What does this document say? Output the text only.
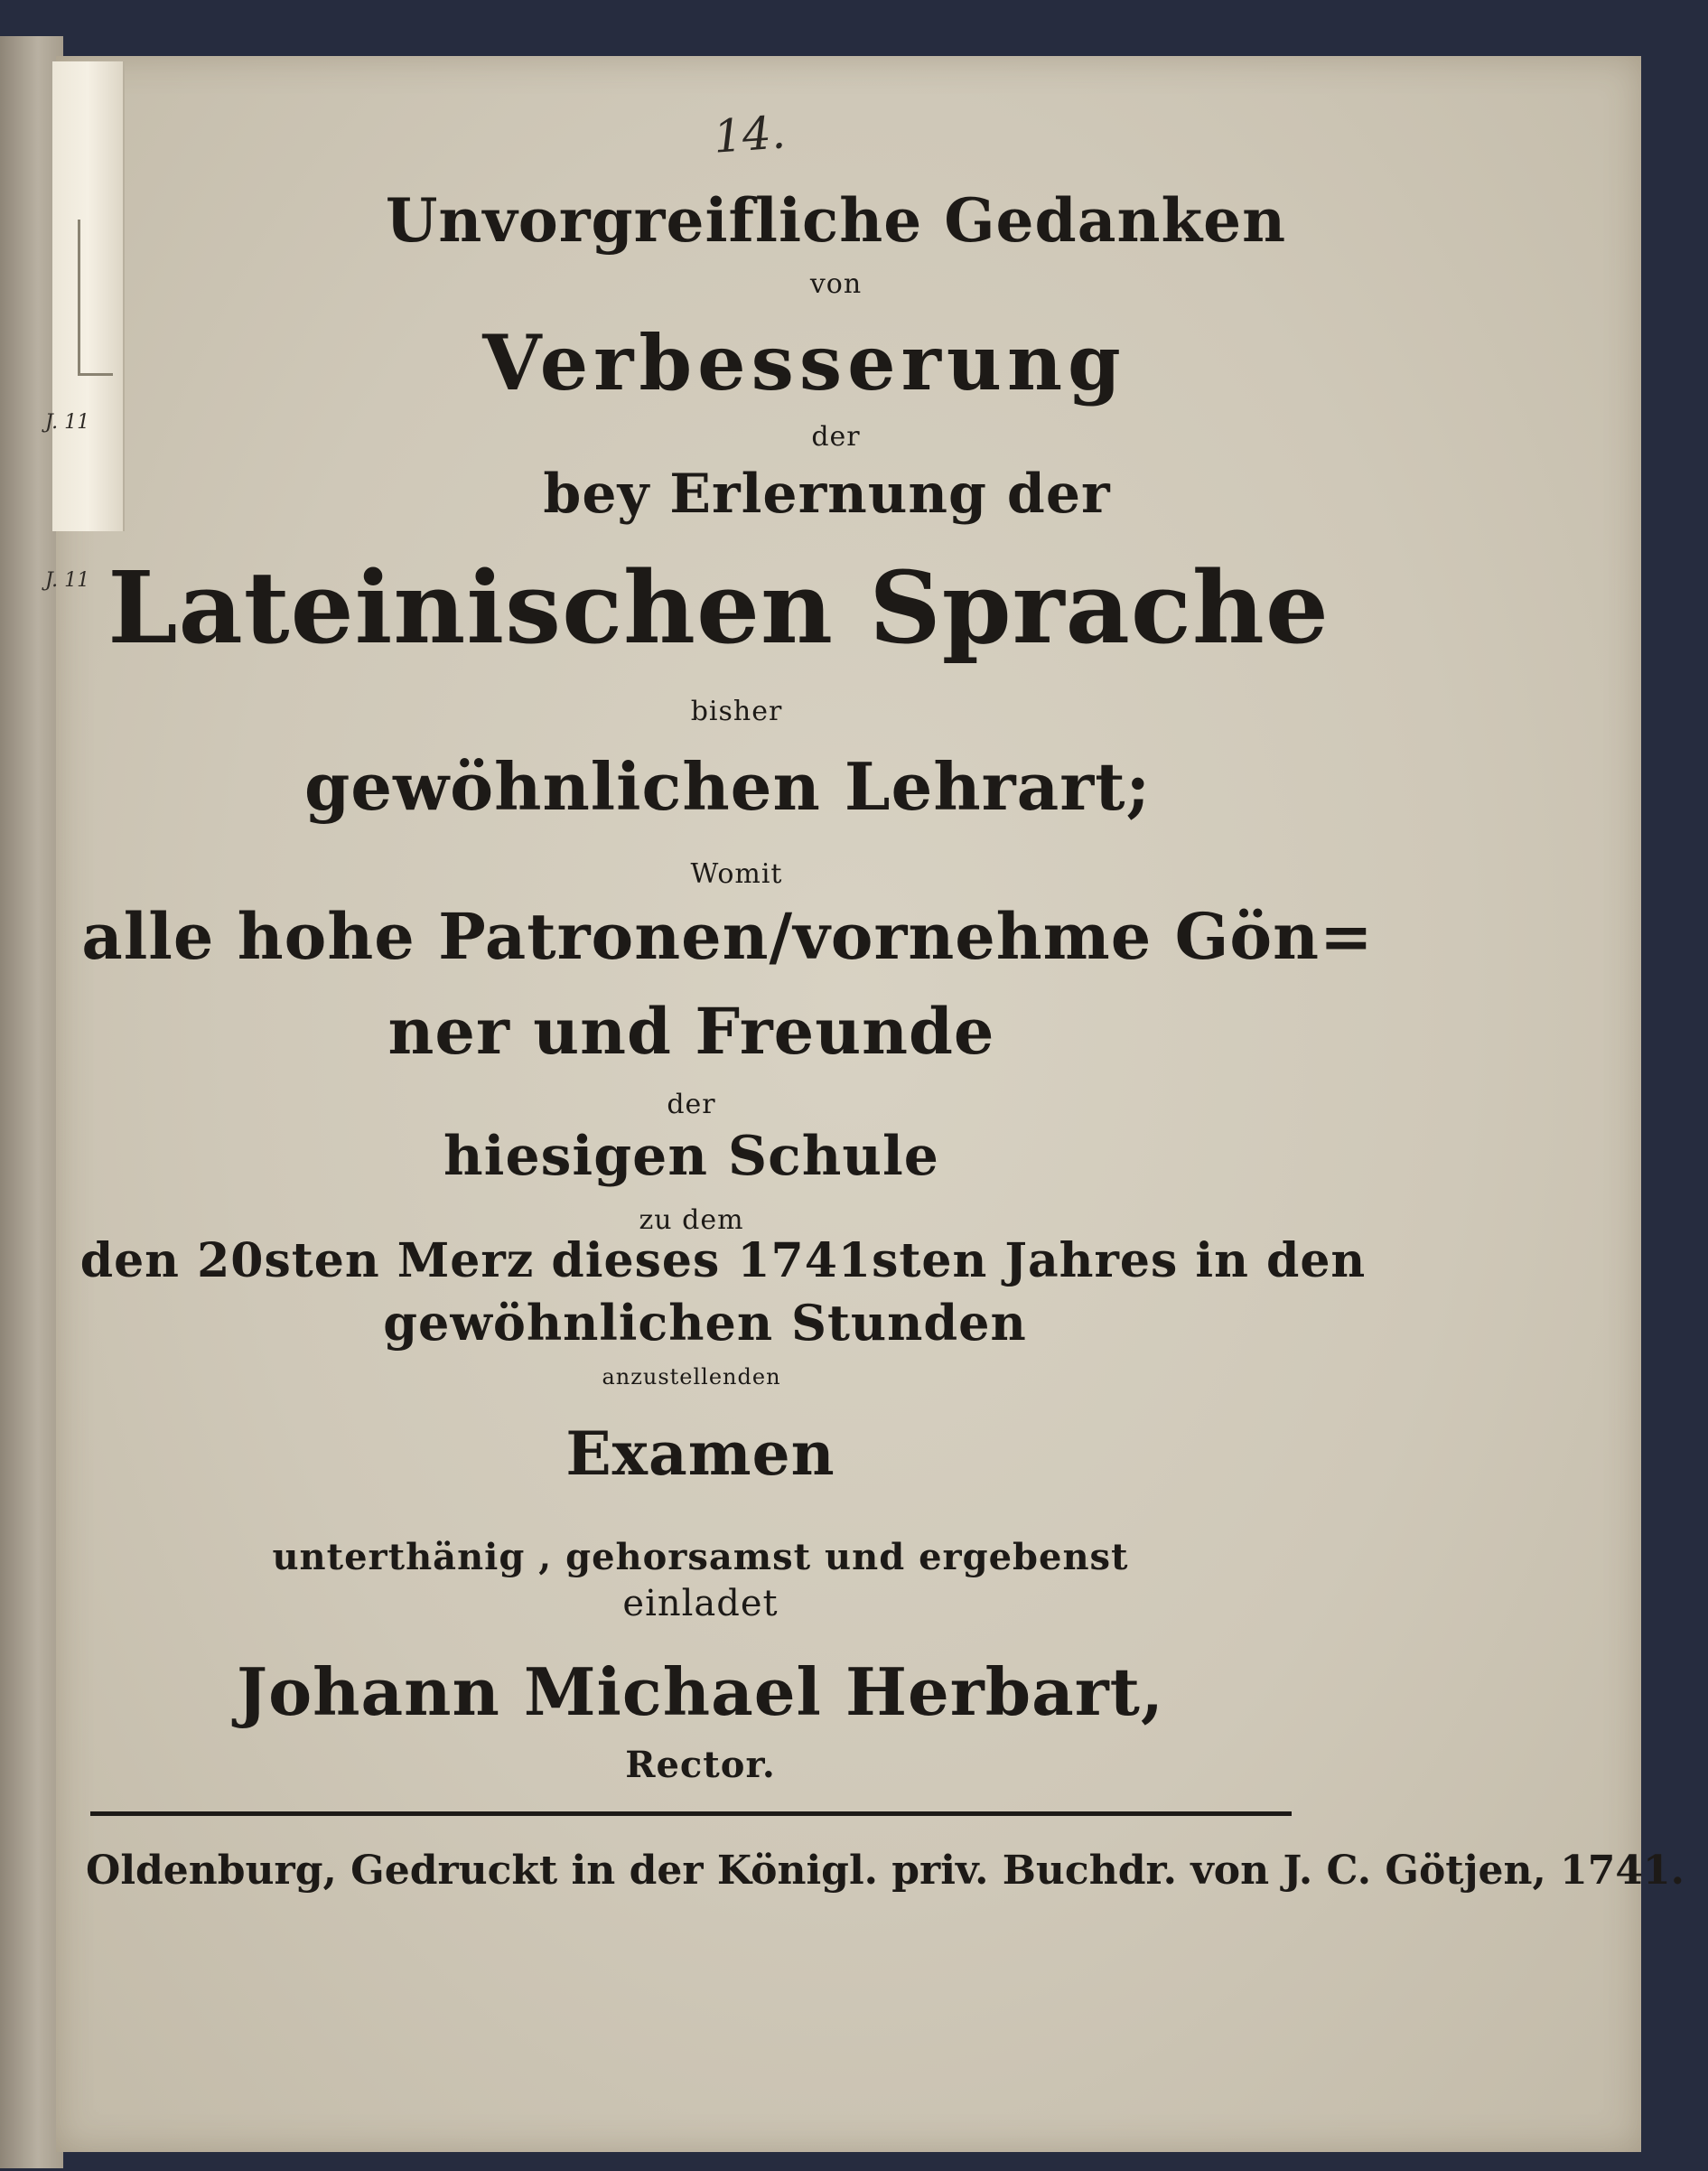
J. 11
J. 11
14.
Unvorgreifliche Gedanken
von
Verbesserung
der
bey Erlernung der
Lateinischen Sprache
bisher
gewöhnlichen Lehrart;
Womit
alle hohe Patronen/vornehme Gön=
ner und Freunde
der
hiesigen Schule
zu dem
den 20sten Merz dieses 1741sten Jahres in den
gewöhnlichen Stunden
anzustellenden
Examen
unterthänig , gehorsamst und ergebenst
einladet
Johann Michael Herbart,
Rector.
Oldenburg, Gedruckt in der Königl. priv. Buchdr. von J. C. Götjen, 1741.
